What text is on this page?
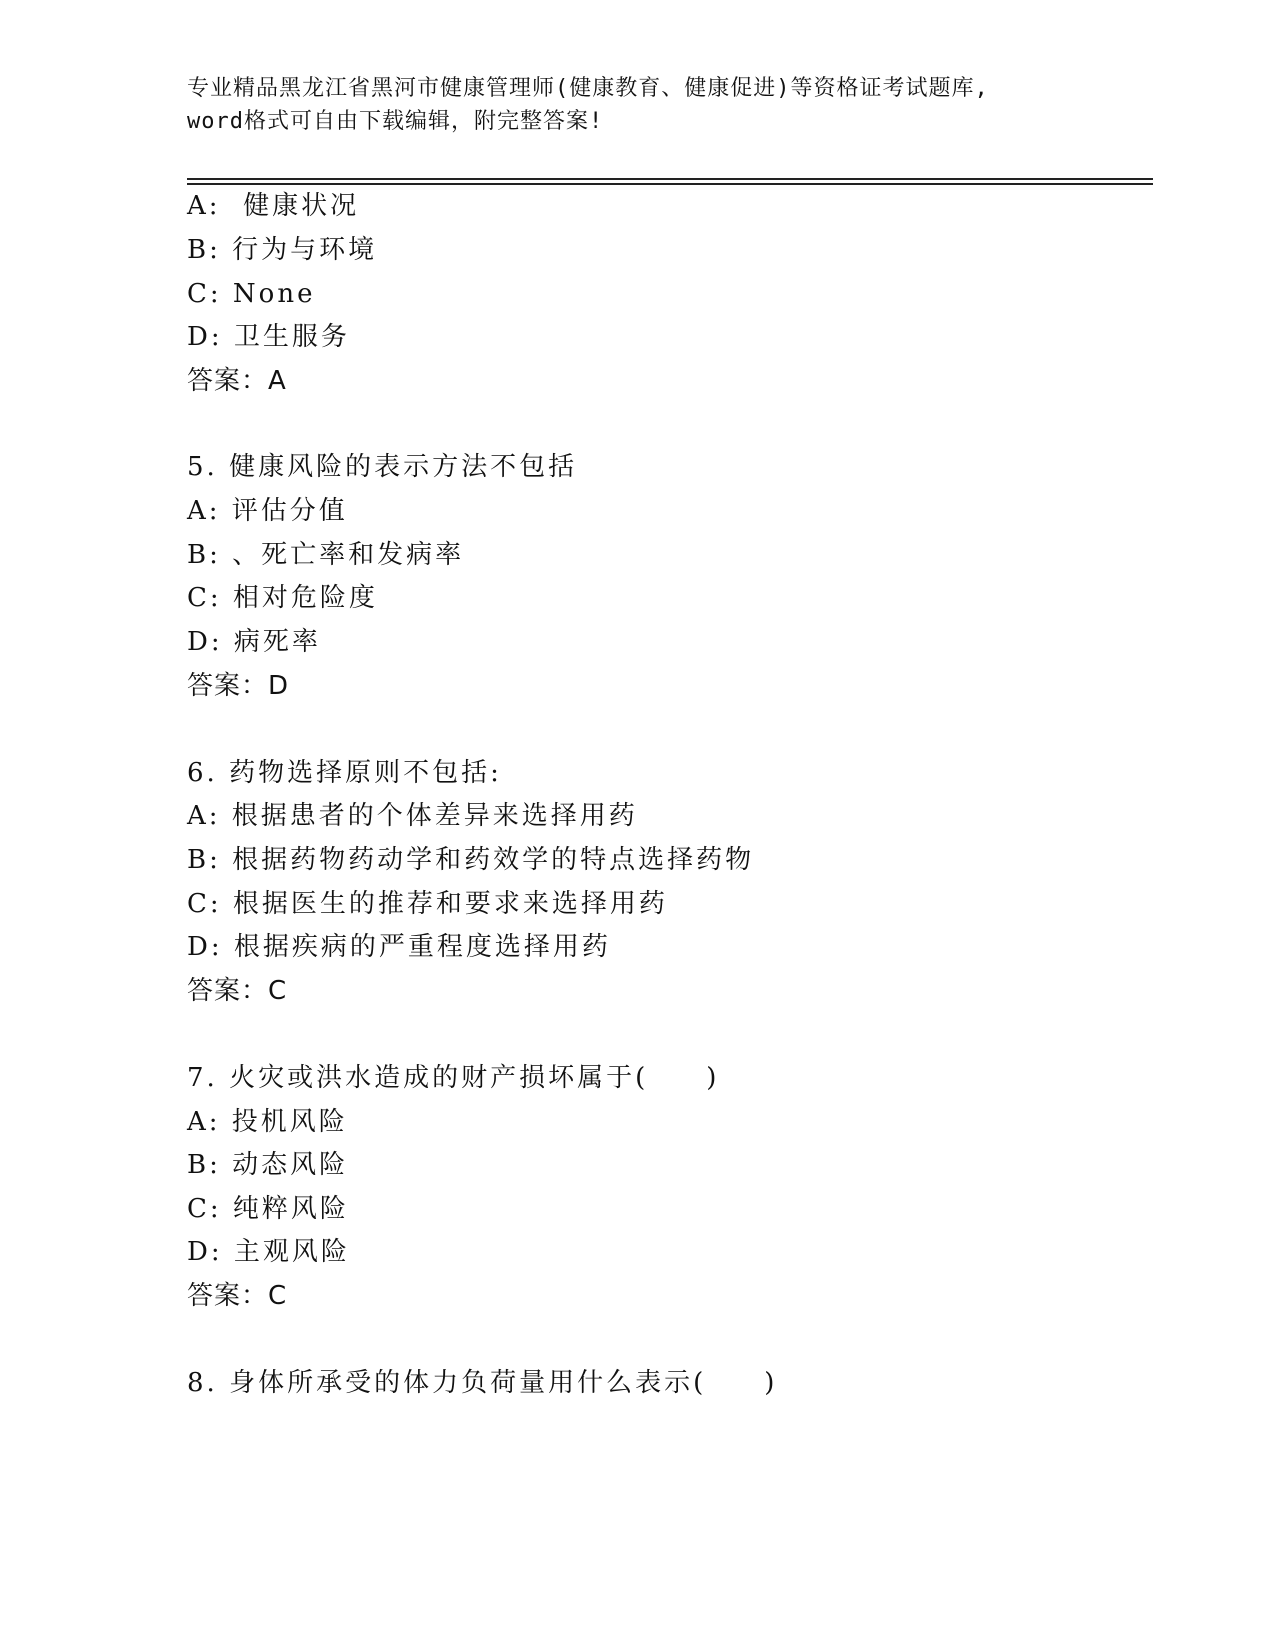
专业精品黑龙江省黑河市健康管理师(健康教育、健康促进)等资格证考试题库,
word格式可自由下载编辑，附完整答案!
A:  健康状况
B: 行为与环境
C: None
D: 卫生服务
答案：A
5. 健康风险的表示方法不包括
A: 评估分值
B: 、死亡率和发病率
C: 相对危险度
D: 病死率
答案：D
6. 药物选择原则不包括:
A: 根据患者的个体差异来选择用药
B: 根据药物药动学和药效学的特点选择药物
C: 根据医生的推荐和要求来选择用药
D: 根据疾病的严重程度选择用药
答案：C
7. 火灾或洪水造成的财产损坏属于(　　)
A: 投机风险
B: 动态风险
C: 纯粹风险
D: 主观风险
答案：C
8. 身体所承受的体力负荷量用什么表示(　　)
